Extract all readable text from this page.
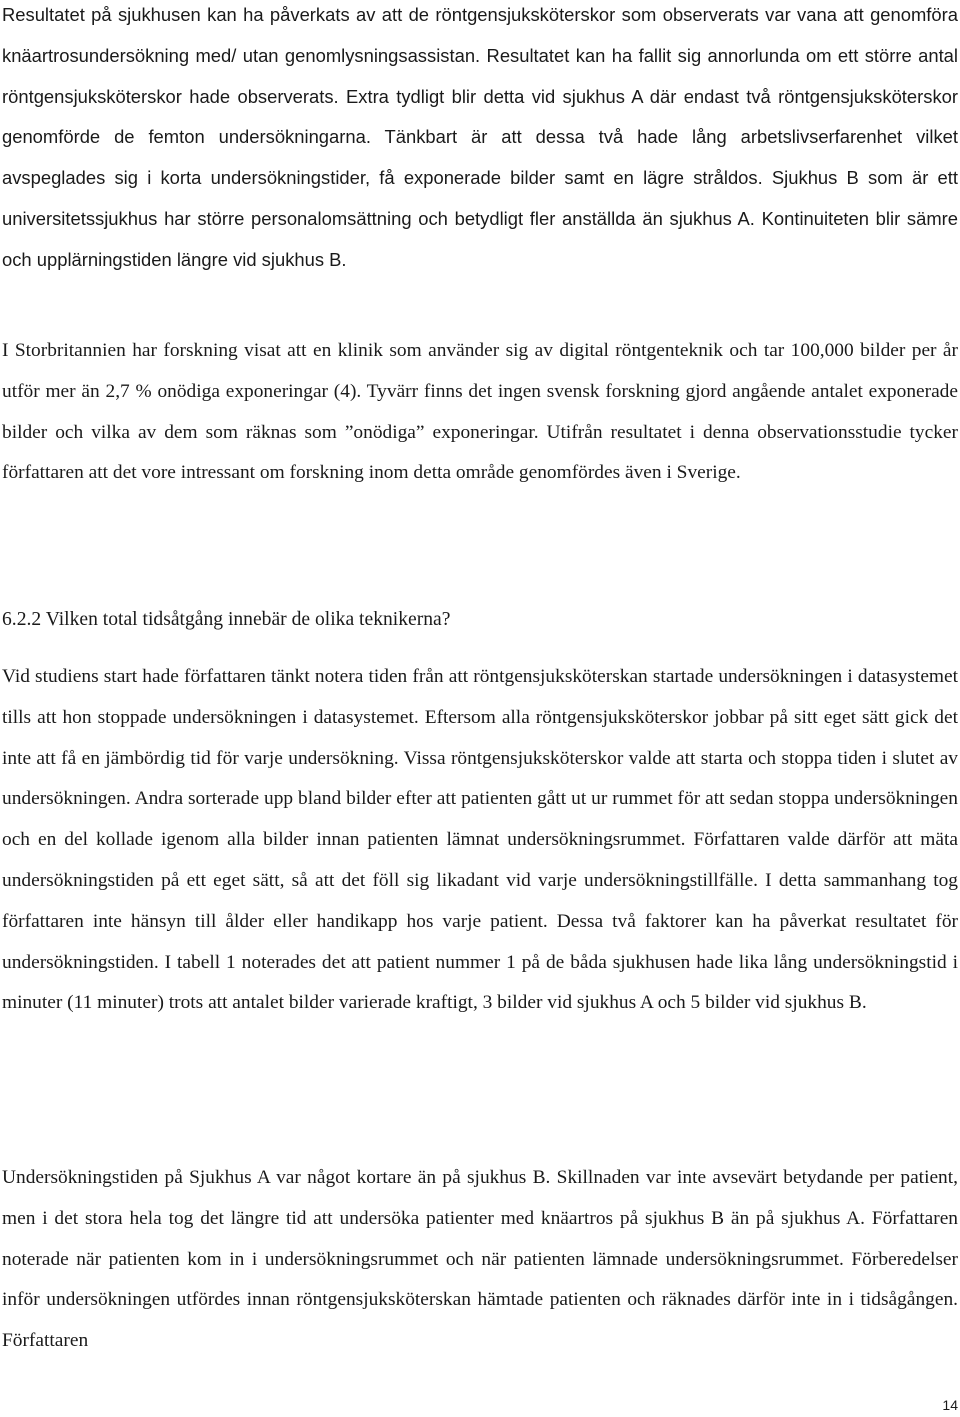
Resultatet på sjukhusen kan ha påverkats av att de röntgensjuksköterskor som observerats var vana att genomföra knäartrosundersökning med/ utan genomlysningsassistan. Resultatet kan ha fallit sig annorlunda om ett större antal röntgensjuksköterskor hade observerats. Extra tydligt blir detta vid sjukhus A där endast två röntgensjuksköterskor genomförde de femton undersökningarna. Tänkbart är att dessa två hade lång arbetslivserfarenhet vilket avspeglades sig i korta undersökningstider, få exponerade bilder samt en lägre stråldos. Sjukhus B som är ett universitetssjukhus har större personalomsättning och betydligt fler anställda än sjukhus A. Kontinuiteten blir sämre och upplärningstiden längre vid sjukhus B.

I Storbritannien har forskning visat att en klinik som använder sig av digital röntgenteknik och tar 100,000 bilder per år utför mer än 2,7 % onödiga exponeringar (4). Tyvärr finns det ingen svensk forskning gjord angående antalet exponerade bilder och vilka av dem som räknas som ”onödiga” exponeringar. Utifrån resultatet i denna observationsstudie tycker författaren att det vore intressant om forskning inom detta område genomfördes även i Sverige.

6.2.2 Vilken total tidsåtgång innebär de olika teknikerna?

Vid studiens start hade författaren tänkt notera tiden från att röntgensjuksköterskan startade undersökningen i datasystemet tills att hon stoppade undersökningen i datasystemet. Eftersom alla röntgensjuksköterskor jobbar på sitt eget sätt gick det inte att få en jämbördig tid för varje undersökning. Vissa röntgensjuksköterskor valde att starta och stoppa tiden i slutet av undersökningen. Andra sorterade upp bland bilder efter att patienten gått ut ur rummet för att sedan stoppa undersökningen och en del kollade igenom alla bilder innan patienten lämnat undersökningsrummet. Författaren valde därför att mäta undersökningstiden på ett eget sätt, så att det föll sig likadant vid varje undersökningstillfälle. I detta sammanhang tog författaren inte hänsyn till ålder eller handikapp hos varje patient. Dessa två faktorer kan ha påverkat resultatet för undersökningstiden. I tabell 1 noterades det att patient nummer 1 på de båda sjukhusen hade lika lång undersökningstid i minuter (11 minuter) trots att antalet bilder varierade kraftigt, 3 bilder vid sjukhus A och 5 bilder vid sjukhus B.

Undersökningstiden på Sjukhus A var något kortare än på sjukhus B. Skillnaden var inte avsevärt betydande per patient, men i det stora hela tog det längre tid att undersöka patienter med knäartros på sjukhus B än på sjukhus A. Författaren noterade när patienten kom in i undersökningsrummet och när patienten lämnade undersökningsrummet. Förberedelser inför undersökningen utfördes innan röntgensjuksköterskan hämtade patienten och räknades därför inte in i tidsågången. Författaren

14
